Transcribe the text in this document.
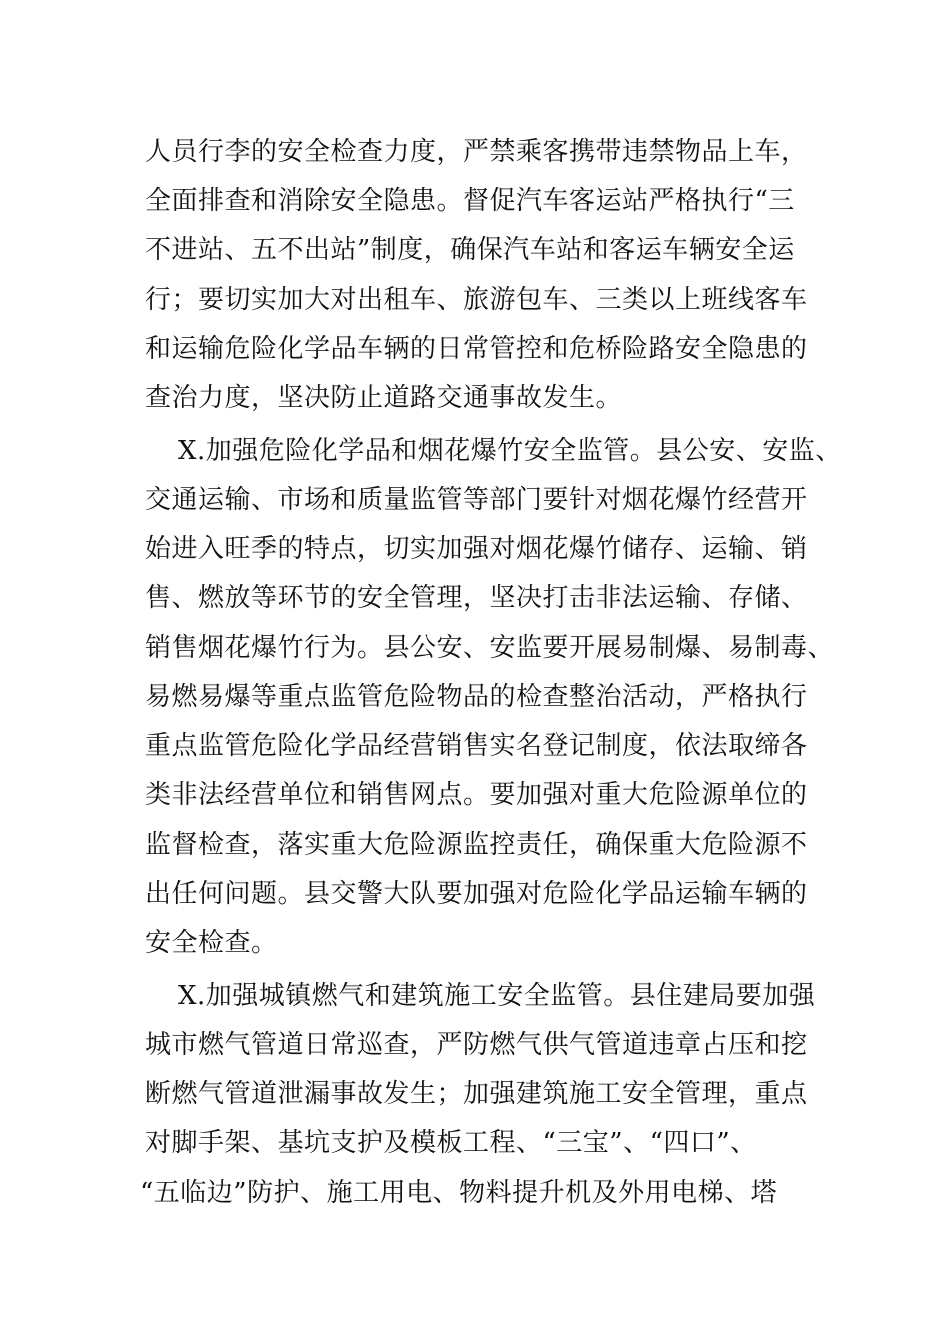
人员行李的安全检查力度，严禁乘客携带违禁物品上车，
全面排查和消除安全隐患。督促汽车客运站严格执行“三
不进站、五不出站”制度，确保汽车站和客运车辆安全运
行；要切实加大对出租车、旅游包车、三类以上班线客车
和运输危险化学品车辆的日常管控和危桥险路安全隐患的
查治力度，坚决防止道路交通事故发生。
X.加强危险化学品和烟花爆竹安全监管。县公安、安监、
交通运输、市场和质量监管等部门要针对烟花爆竹经营开
始进入旺季的特点，切实加强对烟花爆竹储存、运输、销
售、燃放等环节的安全管理，坚决打击非法运输、存储、
销售烟花爆竹行为。县公安、安监要开展易制爆、易制毒、
易燃易爆等重点监管危险物品的检查整治活动，严格执行
重点监管危险化学品经营销售实名登记制度，依法取缔各
类非法经营单位和销售网点。要加强对重大危险源单位的
监督检查，落实重大危险源监控责任，确保重大危险源不
出任何问题。县交警大队要加强对危险化学品运输车辆的
安全检查。
X.加强城镇燃气和建筑施工安全监管。县住建局要加强
城市燃气管道日常巡查，严防燃气供气管道违章占压和挖
断燃气管道泄漏事故发生；加强建筑施工安全管理，重点
对脚手架、基坑支护及模板工程、“三宝”、“四口”、
“五临边”防护、施工用电、物料提升机及外用电梯、塔
